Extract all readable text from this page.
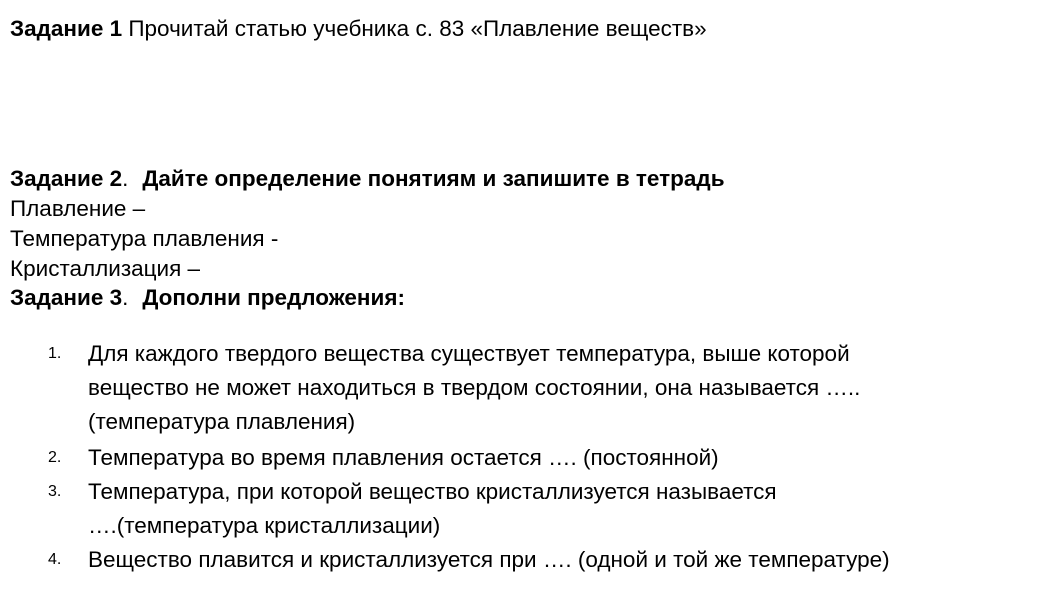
Задание 1 Прочитай статью учебника с. 83 «Плавление веществ»
Задание 2. Дайте определение понятиям и запишите в тетрадь
Плавление –
Температура плавления -
Кристаллизация –
Задание 3. Дополни предложения:
1. Для каждого твердого вещества существует температура, выше которой
вещество не может находиться в твердом состоянии, она называется …..
(температура плавления)
2. Температура во время плавления остается …. (постоянной)
3. Температура, при которой вещество кристаллизуется называется
….(температура кристаллизации)
4. Вещество плавится и кристаллизуется при …. (одной и той же температуре)
